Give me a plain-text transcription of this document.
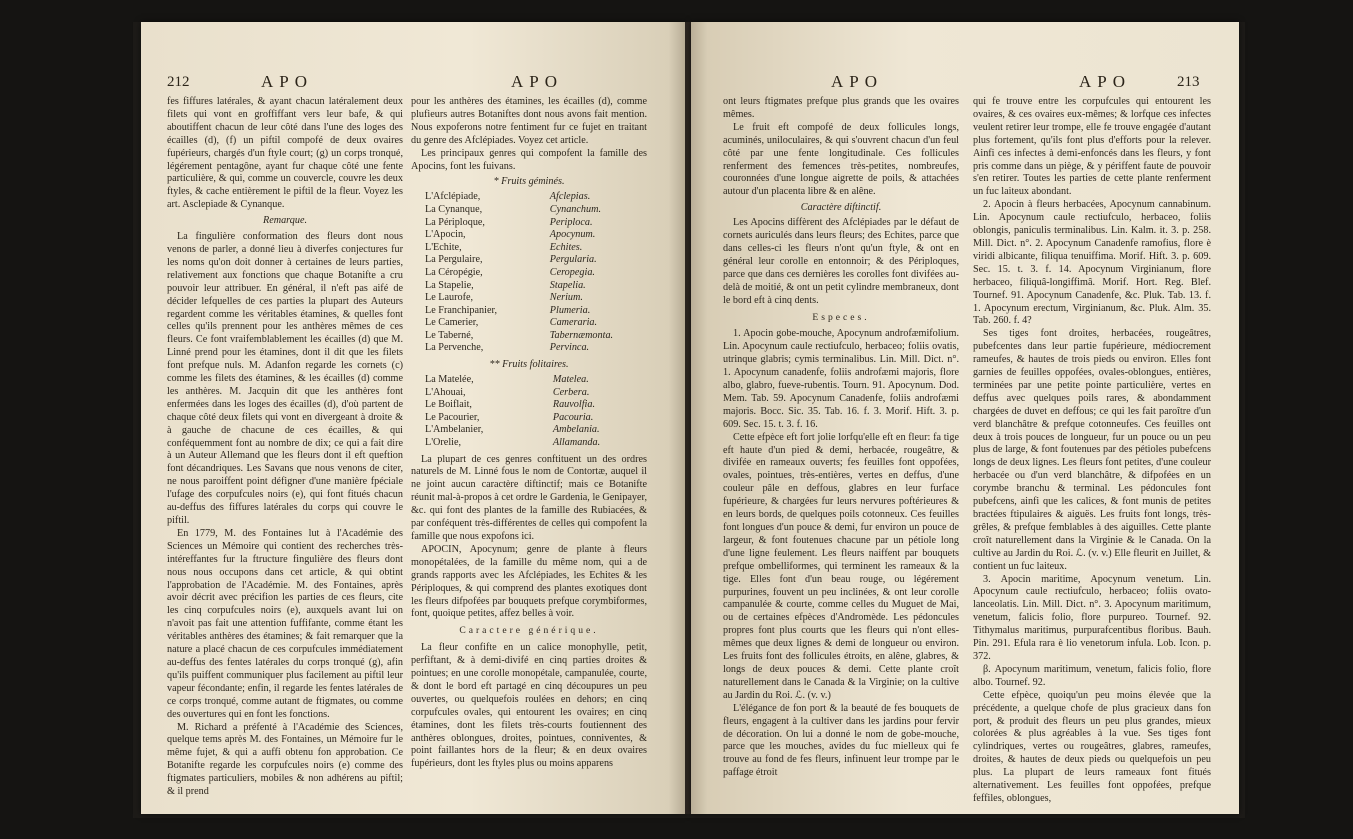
212	APO	APO

fes fiffures latérales, & ayant chacun latéralement deux filets qui vont en groffiffant vers leur bafe, & qui aboutiffent chacun de leur côté dans l'une des loges des écailles (d), (f) un piftil compofé de deux ovaires fupérieurs, chargés d'un ftyle court; (g) un corps tronqué, légérement pentagône, ayant fur chaque côté une fente particulière, & qui, comme un couvercle, couvre les deux ftyles, & cache entièrement le piftil de la fleur. Voyez les art. Asclepiade & Cynanque.

Remarque.

La fingulière conformation des fleurs dont nous venons de parler, a donné lieu à diverfes conjectures fur les noms qu'on doit donner à certaines de leurs parties, relativement aux fonctions que chaque Botanifte a cru pouvoir leur attribuer. En général, il n'eft pas aifé de décider lefquelles de ces parties la plupart des Auteurs regardent comme les véritables étamines, & quelles font celles qu'ils prennent pour les anthères mêmes de ces fleurs. Ce font vraifemblablement les écailles (d) que M. Linné prend pour les étamines, dont il dit que les filets font prefque nuls. M. Adanfon regarde les cornets (c) comme les filets des étamines, & les écailles (d) comme les anthères. M. Jacquin dit que les anthères font enfermées dans les loges des écailles (d), d'où partent de chaque côté deux filets qui vont en divergeant à droite & à gauche de chacune de ces écailles, & qui conféquemment font au nombre de dix; ce qui a fait dire à un Auteur Allemand que les fleurs dont il eft queftion font décandriques. Les Savans que nous venons de citer, ne nous paroiffent point défigner d'une manière fpéciale l'ufage des corpufcules noirs (e), qui font fitués chacun au-deffus des fiffures latérales du corps qui couvre le piftil.

En 1779, M. des Fontaines lut à l'Académie des Sciences un Mémoire qui contient des recherches très-intéreffantes fur la ftructure fingulière des fleurs dont nous nous occupons dans cet article, & qui obtint l'approbation de l'Académie. M. des Fontaines, après avoir décrit avec précifion les parties de ces fleurs, cite les cinq corpufcules noirs (e), auxquels avant lui on n'avoit pas fait une attention fuffifante, comme étant les véritables anthères des étamines; & fait remarquer que la nature a placé chacun de ces corpufcules immédiatement au-deffus des fentes latérales du corps tronqué (g), afin qu'ils puiffent communiquer plus facilement au piftil leur vapeur fécondante; enfin, il regarde les fentes latérales de ce corps tronqué, comme autant de ftigmates, ou comme des ouvertures qui en font les fonctions.

M. Richard a préfenté à l'Académie des Sciences, quelque tems après M. des Fontaines, un Mémoire fur le même fujet, & qui a auffi obtenu fon approbation. Ce Botanifte regarde les corpufcules noirs (e) comme des ftigmates particuliers, mobiles & non adhérens au piftil; & il prend

pour les anthères des étamines, les écailles (d), comme plufieurs autres Botaniftes dont nous avons fait mention. Nous expoferons notre fentiment fur ce fujet en traitant du genre des Afclépiades. Voyez cet article.

Les principaux genres qui compofent la famille des Apocins, font les fuivans.

* Fruits géminés.
L'Afclépiade,	Afclepias.
La Cynanque,	Cynanchum.
La Périploque,	Periploca.
L'Apocin,	Apocynum.
L'Echite,	Echites.
La Pergulaire,	Pergularia.
La Céropégie,	Ceropegia.
La Stapelie,	Stapelia.
Le Laurofe,	Nerium.
Le Franchipanier,	Plumeria.
Le Camerier,	Cameraria.
Le Taberné,	Tabernæmonta.
La Pervenche,	Pervinca.
** Fruits folitaires.
La Matelée,	Matelea.
L'Ahouai,	Cerbera.
Le Boiflait,	Rauvolfia.
Le Pacourier,	Pacouria.
L'Ambelanier,	Ambelania.
L'Orelie,	Allamanda.

La plupart de ces genres conftituent un des ordres naturels de M. Linné fous le nom de Contortæ, auquel il ne joint aucun caractère diftinctif; mais ce Botanifte réunit mal-à-propos à cet ordre le Gardenia, le Genipayer, &c. qui font des plantes de la famille des Rubiacées, & par conféquent très-différentes de celles qui compofent la famille que nous expofons ici.

APOCIN, Apocynum; genre de plante à fleurs monopétalées, de la famille du même nom, qui a de grands rapports avec les Afclépiades, les Echites & les Périploques, & qui comprend des plantes exotiques dont les fleurs difpofées par bouquets prefque corymbiformes, font, quoique petites, affez belles à voir.

Caractere générique.

La fleur confifte en un calice monophylle, petit, perfiftant, & à demi-divifé en cinq parties droites & pointues; en une corolle monopétale, campanulée, courte, & dont le bord eft partagé en cinq découpures un peu ouvertes, ou quelquefois roulées en dehors; en cinq corpufcules ovales, qui entourent les ovaires; en cinq étamines, dont les filets très-courts foutiennent des anthères oblongues, droites, pointues, conniventes, & point faillantes hors de la fleur; & en deux ovaires fupérieurs, dont les ftyles plus ou moins apparens

APO	APO	213

ont leurs ftigmates prefque plus grands que les ovaires mêmes.

Le fruit eft compofé de deux follicules longs, acuminés, uniloculaires, & qui s'ouvrent chacun d'un feul côté par une fente longitudinale. Ces follicules renferment des femences très-petites, nombreufes, couronnées d'une longue aigrette de poils, & attachées autour d'un placenta libre & en alêne.

Caractère diftinctif.

Les Apocins diffèrent des Afclépiades par le défaut de cornets auriculés dans leurs fleurs; des Echites, parce que dans celles-ci les fleurs n'ont qu'un ftyle, & ont en général leur corolle en entonnoir; & des Périploques, parce que dans ces dernières les corolles font divifées au-delà de moitié, & ont un petit cylindre membraneux, dont le bord eft à cinq dents.

Especes.

1. Apocin gobe-mouche, Apocynum androfæmifolium. Lin. Apocynum caule rectiufculo, herbaceo; foliis ovatis, utrinque glabris; cymis terminalibus. Lin. Mill. Dict. n°. 1. Apocynum canadenfe, foliis androfæmi majoris, flore albo, glabro, fueve-rubentis. Tourn. 91. Apocynum. Dod. Mem. Tab. 59. Apocynum Canadenfe, foliis androfæmi majoris. Bocc. Sic. 35. Tab. 16. f. 3. Morif. Hift. 3. p. 609. Sec. 15. t. 3. f. 16.

Cette efpèce eft fort jolie lorfqu'elle eft en fleur: fa tige eft haute d'un pied & demi, herbacée, rougeâtre, & divifée en rameaux ouverts; fes feuilles font oppofées, ovales, pointues, très-entières, vertes en deffus, d'une couleur pâle en deffous, glabres en leur furface fupérieure, & chargées fur leurs nervures poftérieures & en leurs bords, de quelques poils cotonneux. Ces feuilles font longues d'un pouce & demi, fur environ un pouce de largeur, & font foutenues chacune par un pétiole long d'une ligne feulement. Les fleurs naiffent par bouquets prefque ombelliformes, qui terminent les rameaux & la tige. Elles font d'un beau rouge, ou légérement purpurines, fouvent un peu inclinées, & ont leur corolle campanulée & courte, comme celles du Muguet de Mai, ou de certaines efpèces d'Andromède. Les pédoncules propres font plus courts que les fleurs qui n'ont elles-mêmes que deux lignes & demi de longueur ou environ. Les fruits font des follicules étroits, en alêne, glabres, & longs de deux pouces & demi. Cette plante croît naturellement dans le Canada & la Virginie; on la cultive au Jardin du Roi. ℒ. (v. v.)

L'élégance de fon port & la beauté de fes bouquets de fleurs, engagent à la cultiver dans les jardins pour fervir de décoration. On lui a donné le nom de gobe-mouche, parce que les mouches, avides du fuc mielleux qui fe trouve au fond de fes fleurs, infinuent leur trompe par le paffage étroit

qui fe trouve entre les corpufcules qui entourent les ovaires, & ces ovaires eux-mêmes; & lorfque ces infectes veulent retirer leur trompe, elle fe trouve engagée d'autant plus fortement, qu'ils font plus d'efforts pour la relever. Ainfi ces infectes à demi-enfoncés dans les fleurs, y font pris comme dans un piège, & y périffent faute de pouvoir s'en retirer. Toutes les parties de cette plante renferment un fuc laiteux abondant.

2. Apocin à fleurs herbacées, Apocynum cannabinum. Lin. Apocynum caule rectiufculo, herbaceo, foliis oblongis, paniculis terminalibus. Lin. Kalm. it. 3. p. 258. Mill. Dict. n°. 2. Apocynum Canadenfe ramofius, flore è viridi albicante, filiqua tenuiffima. Morif. Hift. 3. p. 609. Sec. 15. t. 3. f. 14. Apocynum Virginianum, flore herbaceo, filiquâ-longiffimâ. Morif. Hort. Reg. Blef. Tournef. 91. Apocynum Canadenfe, &c. Pluk. Tab. 13. f. 1. Apocynum erectum, Virginianum, &c. Pluk. Alm. 35. Tab. 260. f. 4?

Ses tiges font droites, herbacées, rougeâtres, pubefcentes dans leur partie fupérieure, médiocrement rameufes, & hautes de trois pieds ou environ. Elles font garnies de feuilles oppofées, ovales-oblongues, entières, terminées par une petite pointe particulière, vertes en deffus avec quelques poils rares, & abondamment chargées de duvet en deffous; ce qui les fait paroître d'un verd blanchâtre & prefque cotonneufes. Ces feuilles ont deux à trois pouces de longueur, fur un pouce ou un peu plus de large, & font foutenues par des pétioles pubefcens longs de deux lignes. Les fleurs font petites, d'une couleur herbacée ou d'un verd blanchâtre, & difpofées en un corymbe branchu & terminal. Les pédoncules font pubefcens, ainfi que les calices, & font munis de petites bractées ftipulaires & aiguës. Les fruits font longs, très-grêles, & prefque femblables à des aiguilles. Cette plante croît naturellement dans la Virginie & le Canada. On la cultive au Jardin du Roi. ℒ. (v. v.) Elle fleurit en Juillet, & contient un fuc laiteux.

3. Apocin maritime, Apocynum venetum. Lin. Apocynum caule rectiufculo, herbaceo; foliis ovato-lanceolatis. Lin. Mill. Dict. n°. 3. Apocynum maritimum, venetum, falicis folio, flore purpureo. Tournef. 92. Tithymalus maritimus, purpurafcentibus floribus. Bauh. Pin. 291. Efula rara è lio venetorum infula. Lob. Icon. p. 372.

β. Apocynum maritimum, venetum, falicis folio, flore albo. Tournef. 92.

Cette efpèce, quoiqu'un peu moins élevée que la précédente, a quelque chofe de plus gracieux dans fon port, & produit des fleurs un peu plus grandes, mieux colorées & plus agréables à la vue. Ses tiges font cylindriques, vertes ou rougeâtres, glabres, rameufes, droites, & hautes de deux pieds ou quelquefois un peu plus. La plupart de leurs rameaux font fitués alternativement. Les feuilles font oppofées, prefque feffiles, oblongues,
